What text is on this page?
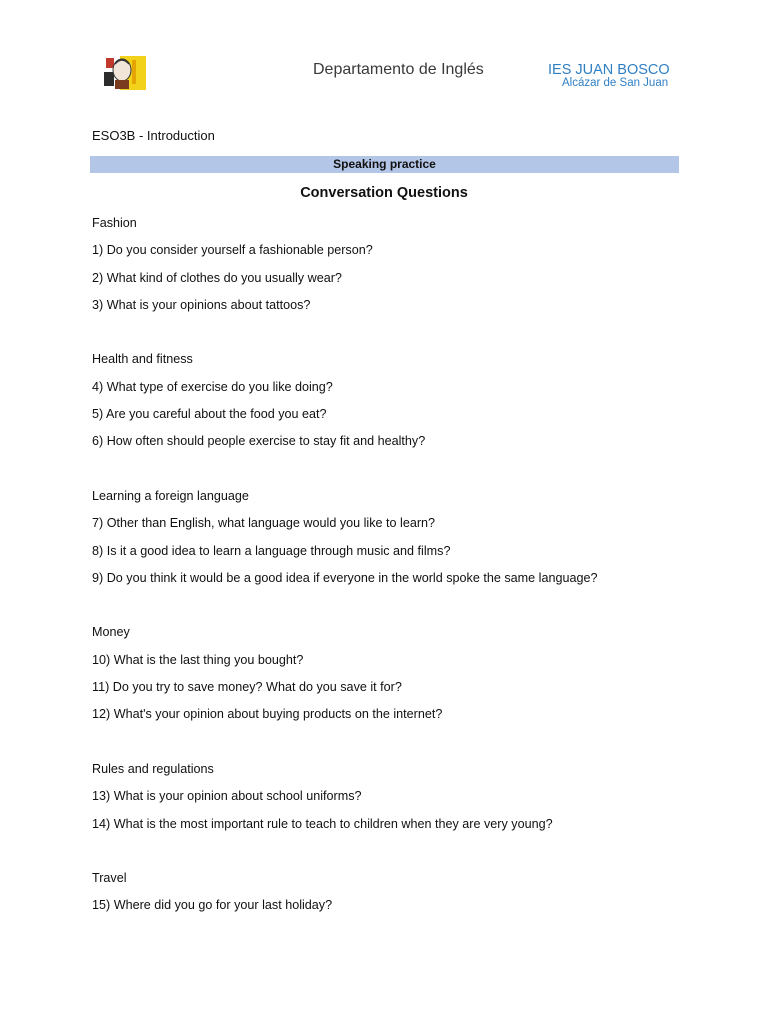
Departamento de Inglés	IES JUAN BOSCO
Alcázar de San Juan
ESO3B - Introduction
Speaking practice
Conversation Questions
Fashion
1) Do you consider yourself a fashionable person?
2) What kind of clothes do you usually wear?
3) What is your opinions about tattoos?
Health and fitness
4) What type of exercise do you like doing?
5) Are you careful about the food you eat?
6) How often should people exercise to stay fit and healthy?
Learning a foreign language
7) Other than English, what language would you like to learn?
8) Is it a good idea to learn a language through music and films?
9) Do you think it would be a good idea if everyone in the world spoke the same language?
Money
10) What is the last thing you bought?
11) Do you try to save money? What do you save it for?
12) What's your opinion about buying products on the internet?
Rules and regulations
13) What is your opinion about school uniforms?
14) What is the most important rule to teach to children when they are very young?
Travel
15) Where did you go for your last holiday?
